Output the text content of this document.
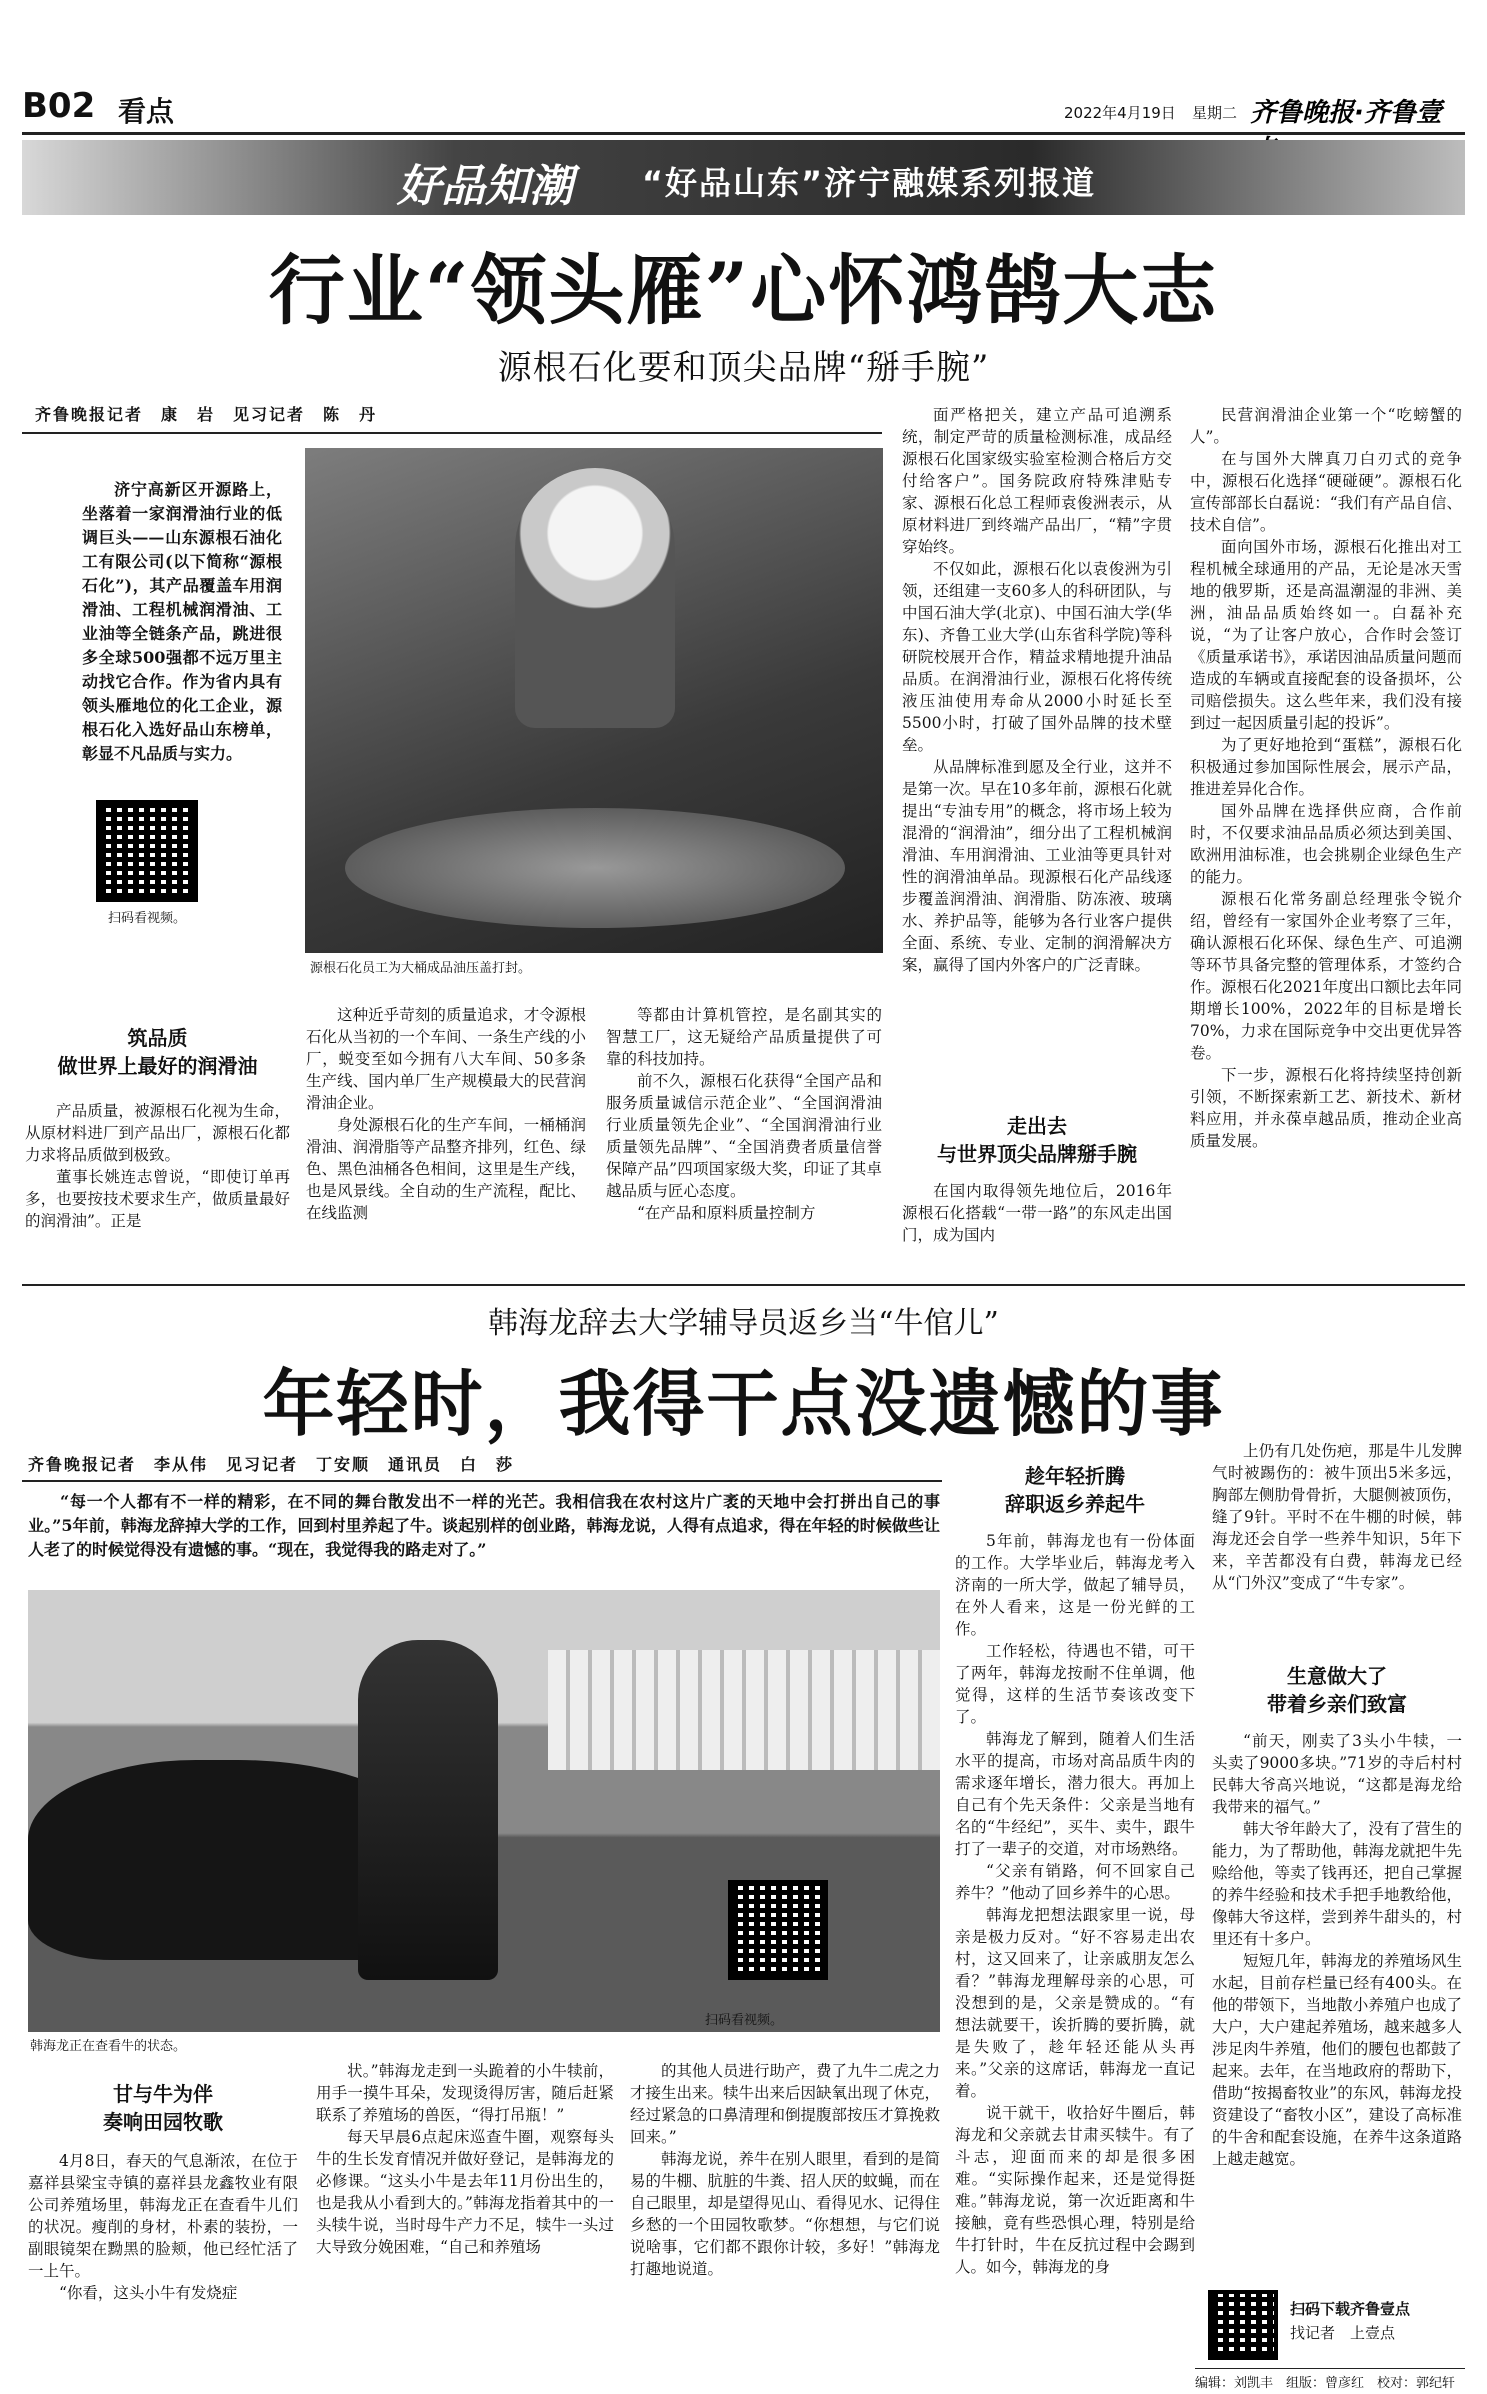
B02 看点	2022年4月19日 星期二 齐鲁晚报·齐鲁壹
好品知潮 “好品山东”济宁融媒系列报道
行业“领头雁”心怀鸿鹄大志
源根石化要和顶尖品牌“掰手腕”
齐鲁晚报记者　康　岩　见习记者　陈　丹

济宁高新区开源路上，坐落着一家润滑油行业的低调巨头——山东源根石油化工有限公司(以下简称“源根石化”)，其产品覆盖车用润滑油、工程机械润滑油、工业油等全链条产品，跳进很多全球500强都不远万里主动找它合作。作为省内具有领头雁地位的化工企业，源根石化入选好品山东榜单，彰显不凡品质与实力。

扫码看视频。
源根石化员工为大桶成品油压盖打封。
筑品质
做世界上最好的润滑油

产品质量，被源根石化视为生命，从原材料进厂到产品出厂，源根石化都力求将品质做到极致。

董事长姚连志曾说，“即使订单再多，也要按技术要求生产，做质量最好的润滑油”。正是

这种近乎苛刻的质量追求，才令源根石化从当初的一个车间、一条生产线的小厂，蜕变至如今拥有八大车间、50多条生产线、国内单厂生产规模最大的民营润滑油企业。

身处源根石化的生产车间，一桶桶润滑油、润滑脂等产品整齐排列，红色、绿色、黑色油桶各色相间，这里是生产线，也是风景线。全自动的生产流程，配比、在线监测

等都由计算机管控，是名副其实的智慧工厂，这无疑给产品质量提供了可靠的科技加持。

前不久，源根石化获得“全国产品和服务质量诚信示范企业”、“全国润滑油行业质量领先企业”、“全国润滑油行业质量领先品牌”、“全国消费者质量信誉保障产品”四项国家级大奖，印证了其卓越品质与匠心态度。

“在产品和原料质量控制方

面严格把关，建立产品可追溯系统，制定严苛的质量检测标准，成品经源根石化国家级实验室检测合格后方交付给客户”。国务院政府特殊津贴专家、源根石化总工程师袁俊洲表示，从原材料进厂到终端产品出厂，“精”字贯穿始终。

不仅如此，源根石化以袁俊洲为引领，还组建一支60多人的科研团队，与中国石油大学(北京)、中国石油大学(华东)、齐鲁工业大学(山东省科学院)等科研院校展开合作，精益求精地提升油品品质。在润滑油行业，源根石化将传统液压油使用寿命从2000小时延长至5500小时，打破了国外品牌的技术壁垒。

从品牌标准到愿及全行业，这并不是第一次。早在10多年前，源根石化就提出“专油专用”的概念，将市场上较为混滑的“润滑油”，细分出了工程机械润滑油、车用润滑油、工业油等更具针对性的润滑油单品。现源根石化产品线逐步覆盖润滑油、润滑脂、防冻液、玻璃水、养护品等，能够为各行业客户提供全面、系统、专业、定制的润滑解决方案，赢得了国内外客户的广泛青睐。

走出去
与世界顶尖品牌掰手腕

在国内取得领先地位后，2016年源根石化搭载“一带一路”的东风走出国门，成为国内

民营润滑油企业第一个“吃螃蟹的人”。

在与国外大牌真刀白刃式的竞争中，源根石化选择“硬碰硬”。源根石化宣传部部长白磊说：“我们有产品自信、技术自信”。

面向国外市场，源根石化推出对工程机械全球通用的产品，无论是冰天雪地的俄罗斯，还是高温潮湿的非洲、美洲，油品品质始终如一。白磊补充说，“为了让客户放心，合作时会签订《质量承诺书》，承诺因油品质量问题而造成的车辆或直接配套的设备损坏，公司赔偿损失。这么些年来，我们没有接到过一起因质量引起的投诉”。

为了更好地抢到“蛋糕”，源根石化积极通过参加国际性展会，展示产品，推进差异化合作。

国外品牌在选择供应商，合作前时，不仅要求油品品质必须达到美国、欧洲用油标准，也会挑剔企业绿色生产的能力。

源根石化常务副总经理张令锐介绍，曾经有一家国外企业考察了三年，确认源根石化环保、绿色生产、可追溯等环节具备完整的管理体系，才签约合作。源根石化2021年度出口额比去年同期增长100%，2022年的目标是增长70%，力求在国际竞争中交出更优异答卷。

下一步，源根石化将持续坚持创新引领，不断探索新工艺、新技术、新材料应用，并永葆卓越品质，推动企业高质量发展。

韩海龙辞去大学辅导员返乡当“牛倌儿”
年轻时，我得干点没遗憾的事
齐鲁晚报记者　李从伟　见习记者　丁安顺　通讯员　白　莎

“每一个人都有不一样的精彩，在不同的舞台散发出不一样的光芒。我相信我在农村这片广袤的天地中会打拼出自己的事业。”5年前，韩海龙辞掉大学的工作，回到村里养起了牛。谈起别样的创业路，韩海龙说，人得有点追求，得在年轻的时候做些让人老了的时候觉得没有遗憾的事。“现在，我觉得我的路走对了。”

韩海龙正在查看牛的状态。
扫码看视频。
甘与牛为伴
奏响田园牧歌

4月8日，春天的气息渐浓，在位于嘉祥县梁宝寺镇的嘉祥县龙鑫牧业有限公司养殖场里，韩海龙正在查看牛儿们的状况。瘦削的身材，朴素的装扮，一副眼镜架在黝黑的脸颊，他已经忙活了一上午。

“你看，这头小牛有发烧症

状。”韩海龙走到一头跪着的小牛犊前，用手一摸牛耳朵，发现烫得厉害，随后赶紧联系了养殖场的兽医，“得打吊瓶！”

每天早晨6点起床巡查牛圈，观察每头牛的生长发育情况并做好登记，是韩海龙的必修课。“这头小牛是去年11月份出生的，也是我从小看到大的。”韩海龙指着其中的一头犊牛说，当时母牛产力不足，犊牛一头过大导致分娩困难，“自己和养殖场

的其他人员进行助产，费了九牛二虎之力才接生出来。犊牛出来后因缺氧出现了休克，经过紧急的口鼻清理和倒提腹部按压才算挽救回来。”

韩海龙说，养牛在别人眼里，看到的是简易的牛棚、肮脏的牛粪、招人厌的蚊蝇，而在自己眼里，却是望得见山、看得见水、记得住乡愁的一个田园牧歌梦。“你想想，与它们说说啥事，它们都不跟你计较，多好！”韩海龙打趣地说道。

趁年轻折腾
辞职返乡养起牛

5年前，韩海龙也有一份体面的工作。大学毕业后，韩海龙考入济南的一所大学，做起了辅导员，在外人看来，这是一份光鲜的工作。

工作轻松，待遇也不错，可干了两年，韩海龙按耐不住单调，他觉得，这样的生活节奏该改变下了。

韩海龙了解到，随着人们生活水平的提高，市场对高品质牛肉的需求逐年增长，潜力很大。再加上自己有个先天条件：父亲是当地有名的“牛经纪”，买牛、卖牛，跟牛打了一辈子的交道，对市场熟络。

“父亲有销路，何不回家自己养牛？”他动了回乡养牛的心思。

韩海龙把想法跟家里一说，母亲是极力反对。“好不容易走出农村，这又回来了，让亲戚朋友怎么看？”韩海龙理解母亲的心思，可没想到的是，父亲是赞成的。“有想法就要干，诶折腾的要折腾，就是失败了，趁年轻还能从头再来。”父亲的这席话，韩海龙一直记着。

说干就干，收拾好牛圈后，韩海龙和父亲就去甘肃买犊牛。有了斗志，迎面而来的却是很多困难。“实际操作起来，还是觉得挺难。”韩海龙说，第一次近距离和牛接触，竟有些恐惧心理，特别是给牛打针时，牛在反抗过程中会踢到人。如今，韩海龙的身

上仍有几处伤疤，那是牛儿发脾气时被踢伤的：被牛顶出5米多远，胸部左侧肋骨骨折，大腿侧被顶伤，缝了9针。平时不在牛棚的时候，韩海龙还会自学一些养牛知识，5年下来，辛苦都没有白费，韩海龙已经从“门外汉”变成了“牛专家”。

生意做大了
带着乡亲们致富

“前天，刚卖了3头小牛犊，一头卖了9000多块。”71岁的寺后村村民韩大爷高兴地说，“这都是海龙给我带来的福气。”

韩大爷年龄大了，没有了营生的能力，为了帮助他，韩海龙就把牛先赊给他，等卖了钱再还，把自己掌握的养牛经验和技术手把手地教给他，像韩大爷这样，尝到养牛甜头的，村里还有十多户。

短短几年，韩海龙的养殖场风生水起，目前存栏量已经有400头。在他的带领下，当地散小养殖户也成了大户，大户建起养殖场，越来越多人涉足肉牛养殖，他们的腰包也都鼓了起来。去年，在当地政府的帮助下，借助“按揭畜牧业”的东风，韩海龙投资建设了“畜牧小区”，建设了高标准的牛舍和配套设施，在养牛这条道路上越走越宽。

扫码下载齐鲁壹点
找记者　上壹点
编辑：刘凯丰　组版：曾彦红　校对：郭纪轩
